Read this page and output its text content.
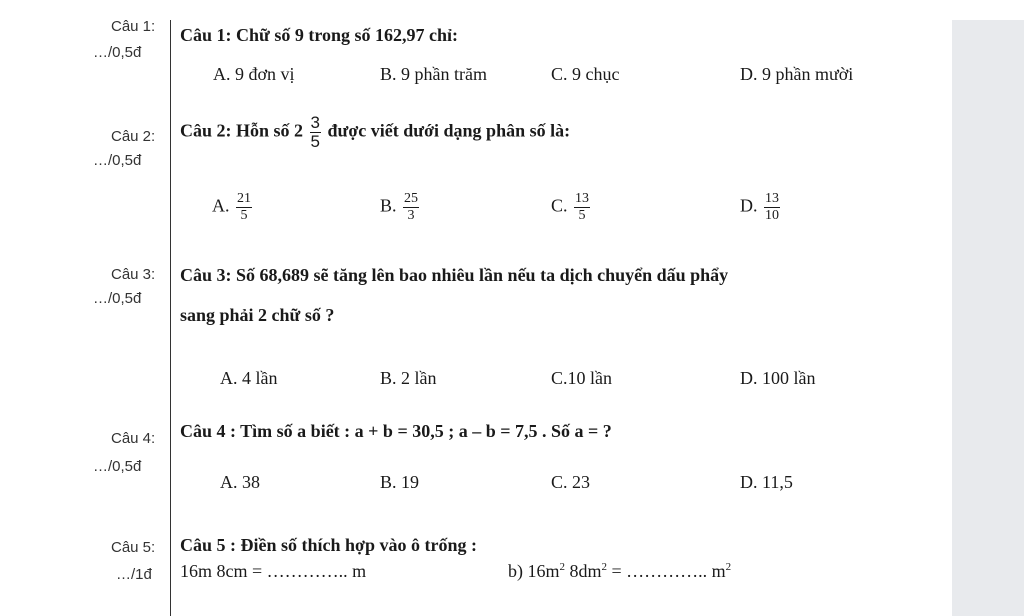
Câu 1:
…/0,5đ
Câu 2:
…/0,5đ
Câu 3:
…/0,5đ
Câu 4:
…/0,5đ
Câu 5:
…/1đ
Câu 1: Chữ số 9 trong số 162,97 chỉ:
A. 9 đơn vị	B. 9 phần trăm	C. 9 chục	D. 9 phần mười
Câu 2: Hỗn số $2 \frac{3}{5}$ được viết dưới dạng phân số là:
A. $\frac{21}{5}$	B. $\frac{25}{3}$	C. $\frac{13}{5}$	D. $\frac{13}{10}$
Câu 3: Số 68,689 sẽ tăng lên bao nhiêu lần nếu ta dịch chuyển dấu phẩy
sang phải 2 chữ số ?
A. 4 lần	B. 2 lần	C.10 lần	D. 100 lần
Câu 4 : Tìm số a biết : a + b = 30,5 ; a – b = 7,5 . Số a = ?
A. 38	B. 19	C. 23	D. 11,5
Câu 5 : Điền số thích hợp vào ô trống :
16m 8cm = ………….. m	b) $16m^2$ $8dm^2$ = ………….. $m^2$
